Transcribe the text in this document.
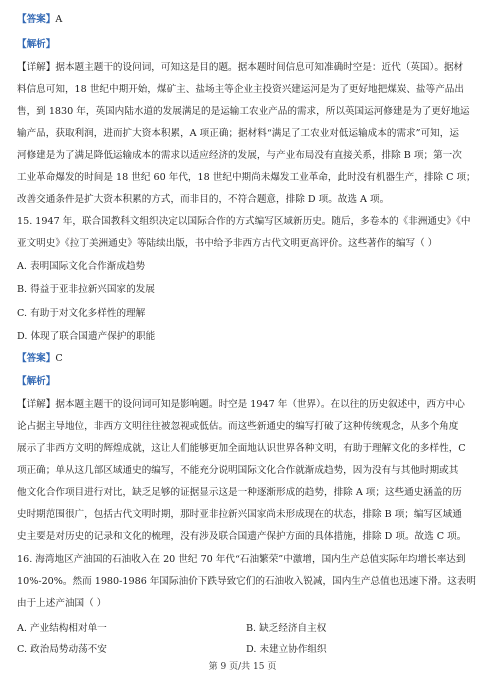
【答案】A
【解析】
【详解】据本题主题干的设问词，可知这是目的题。据本题时间信息可知准确时空是：近代（英国）。据材
料信息可知，18 世纪中期开始，煤矿主、盐场主等企业主投资兴建运河是为了更好地把煤炭、盐等产品出
售，到 1830 年，英国内陆水道的发展满足的是运输工农业产品的需求，所以英国运河修建是为了更好地运
输产品，获取利润，进而扩大资本积累，A 项正确；据材料“满足了工农业对低运输成本的需求”可知，运
河修建是为了满足降低运输成本的需求以适应经济的发展，与产业布局没有直接关系，排除 B 项；第一次
工业革命爆发的时间是 18 世纪 60 年代，18 世纪中期尚未爆发工业革命，此时没有机器生产，排除 C 项；
改善交通条件是扩大资本积累的方式，而非目的，不符合题意，排除 D 项。故选 A 项。
15. 1947 年，联合国教科文组织决定以国际合作的方式编写区域新历史。随后，多卷本的《非洲通史》《中
亚文明史》《拉丁美洲通史》等陆续出版，书中给予非西方古代文明更高评价。这些著作的编写（ ）
A. 表明国际文化合作渐成趋势
B. 得益于亚非拉新兴国家的发展
C. 有助于对文化多样性的理解
D. 体现了联合国遗产保护的职能
【答案】C
【解析】
【详解】据本题主题干的设问词可知是影响题。时空是 1947 年（世界）。在以往的历史叙述中，西方中心
论占据主导地位，非西方文明往往被忽视或低估。而这些新通史的编写打破了这种传统观念，从多个角度
展示了非西方文明的辉煌成就，这让人们能够更加全面地认识世界各种文明，有助于理解文化的多样性，C
项正确；单从这几部区域通史的编写，不能充分说明国际文化合作就渐成趋势，因为没有与其他时期或其
他文化合作项目进行对比，缺乏足够的证据显示这是一种逐渐形成的趋势，排除 A 项；这些通史涵盖的历
史时期范围很广，包括古代文明时期，那时亚非拉新兴国家尚未形成现在的状态，排除 B 项；编写区域通
史主要是对历史的记录和文化的梳理，没有涉及联合国遗产保护方面的具体措施，排除 D 项。故选 C 项。
16. 海湾地区产油国的石油收入在 20 世纪 70 年代“石油繁荣”中激增，国内生产总值实际年均增长率达到
10%-20%。然而 1980-1986 年国际油价下跌导致它们的石油收入锐减，国内生产总值也迅速下滑。这表明
由于上述产油国（ ）
A. 产业结构相对单一	B. 缺乏经济自主权
C. 政治局势动荡不安	D. 未建立协作组织
第 9 页/共 15 页
